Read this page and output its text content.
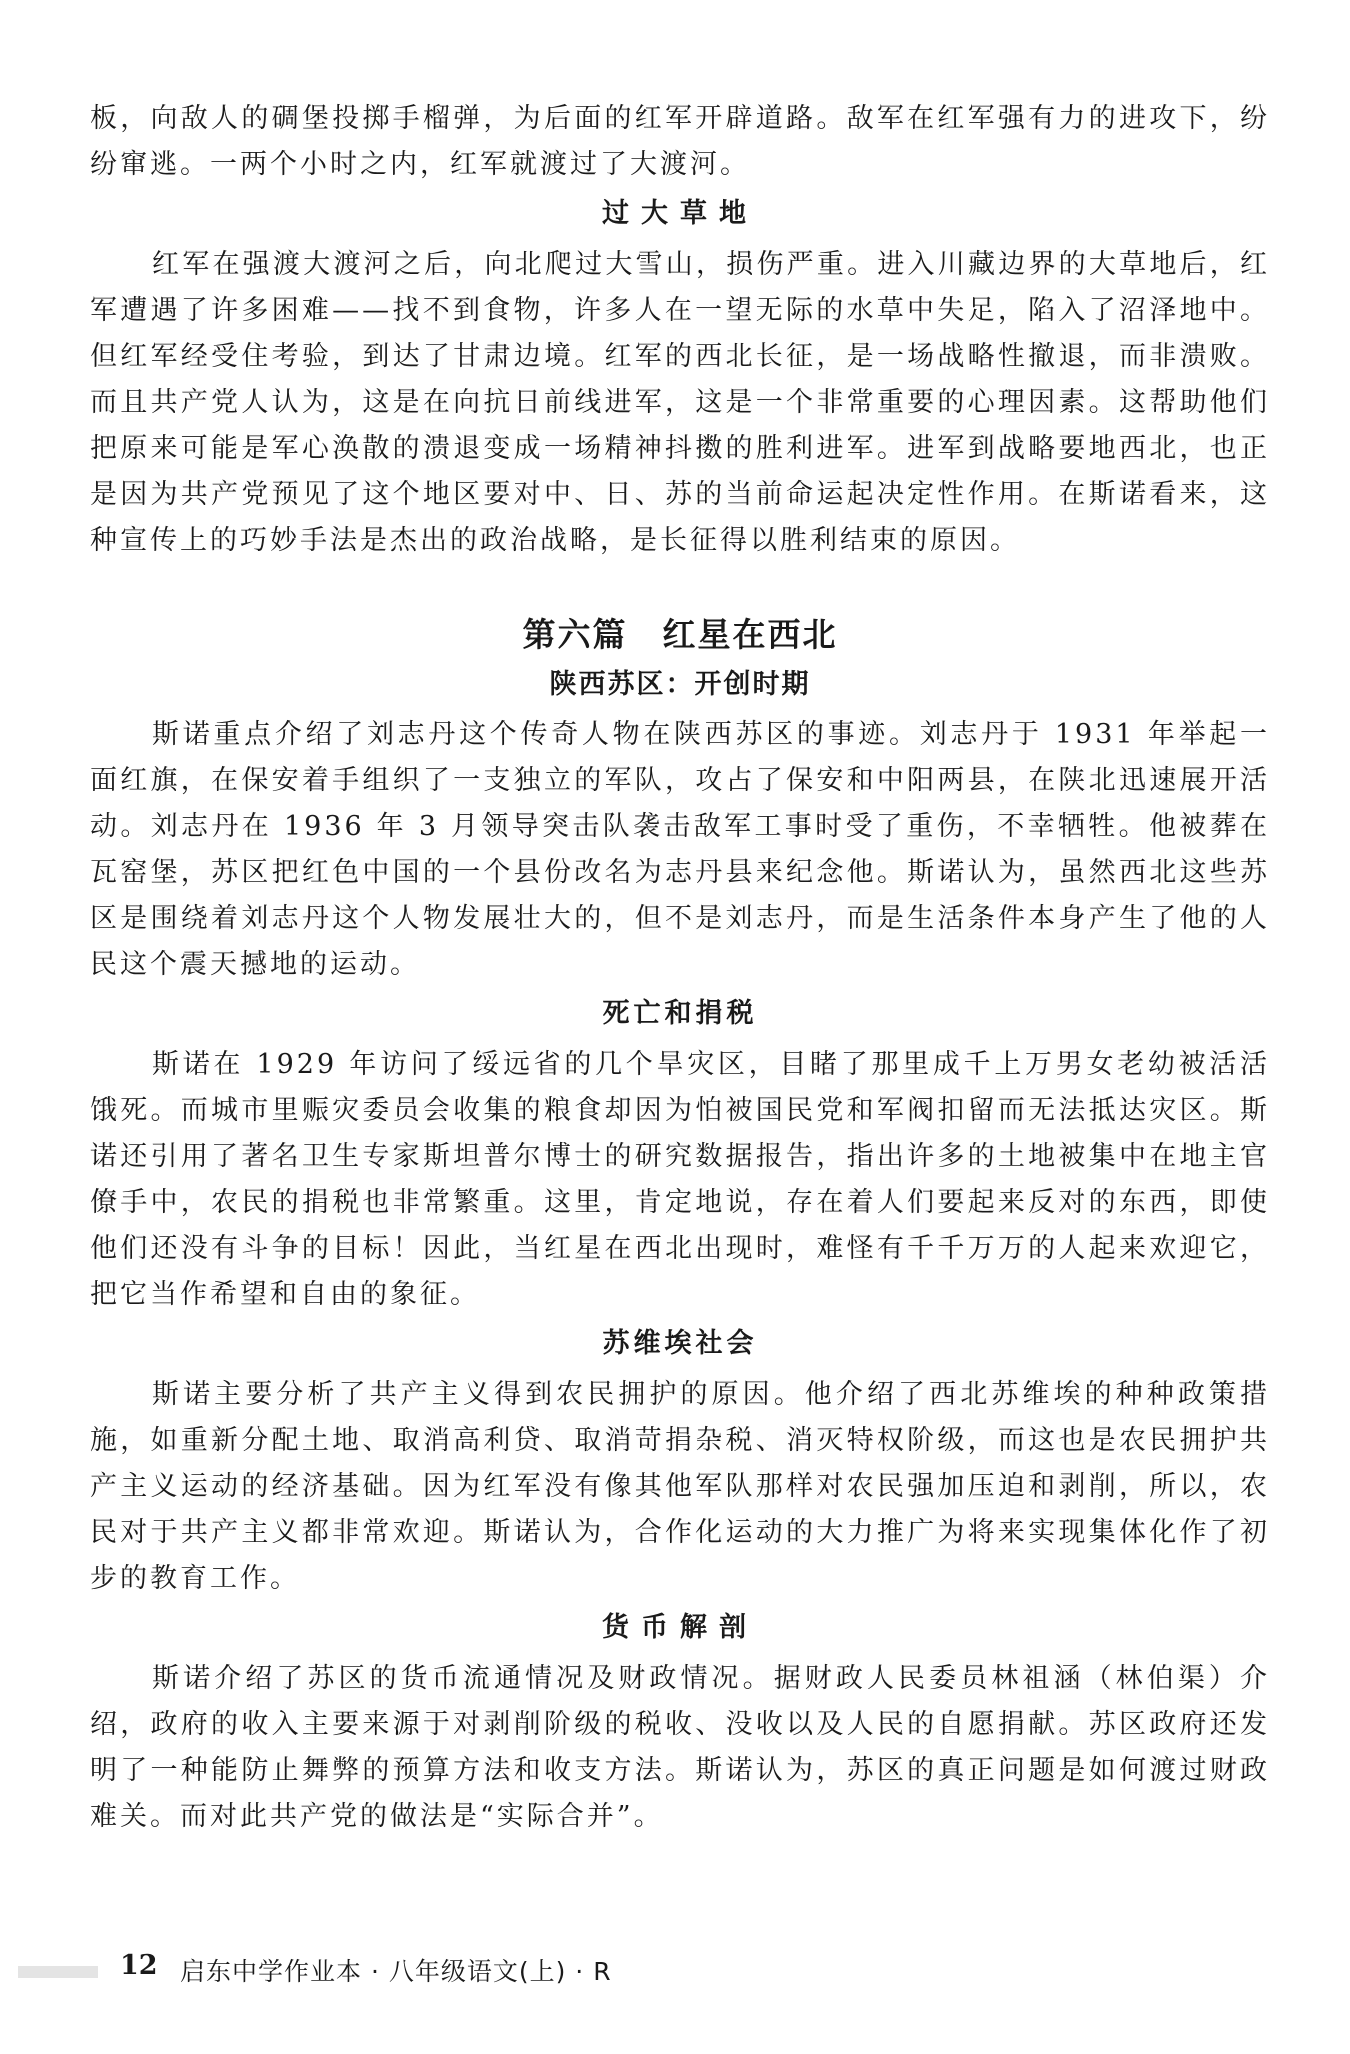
板，向敌人的碉堡投掷手榴弹，为后面的红军开辟道路。敌军在红军强有力的进攻下，纷纷窜逃。一两个小时之内，红军就渡过了大渡河。

过大草地

红军在强渡大渡河之后，向北爬过大雪山，损伤严重。进入川藏边界的大草地后，红军遭遇了许多困难——找不到食物，许多人在一望无际的水草中失足，陷入了沼泽地中。但红军经受住考验，到达了甘肃边境。红军的西北长征，是一场战略性撤退，而非溃败。而且共产党人认为，这是在向抗日前线进军，这是一个非常重要的心理因素。这帮助他们把原来可能是军心涣散的溃退变成一场精神抖擞的胜利进军。进军到战略要地西北，也正是因为共产党预见了这个地区要对中、日、苏的当前命运起决定性作用。在斯诺看来，这种宣传上的巧妙手法是杰出的政治战略，是长征得以胜利结束的原因。

第六篇　红星在西北
陕西苏区：开创时期

斯诺重点介绍了刘志丹这个传奇人物在陕西苏区的事迹。刘志丹于 1931 年举起一面红旗，在保安着手组织了一支独立的军队，攻占了保安和中阳两县，在陕北迅速展开活动。刘志丹在 1936 年 3 月领导突击队袭击敌军工事时受了重伤，不幸牺牲。他被葬在瓦窑堡，苏区把红色中国的一个县份改名为志丹县来纪念他。斯诺认为，虽然西北这些苏区是围绕着刘志丹这个人物发展壮大的，但不是刘志丹，而是生活条件本身产生了他的人民这个震天撼地的运动。

死亡和捐税

斯诺在 1929 年访问了绥远省的几个旱灾区，目睹了那里成千上万男女老幼被活活饿死。而城市里赈灾委员会收集的粮食却因为怕被国民党和军阀扣留而无法抵达灾区。斯诺还引用了著名卫生专家斯坦普尔博士的研究数据报告，指出许多的土地被集中在地主官僚手中，农民的捐税也非常繁重。这里，肯定地说，存在着人们要起来反对的东西，即使他们还没有斗争的目标！因此，当红星在西北出现时，难怪有千千万万的人起来欢迎它，把它当作希望和自由的象征。

苏维埃社会

斯诺主要分析了共产主义得到农民拥护的原因。他介绍了西北苏维埃的种种政策措施，如重新分配土地、取消高利贷、取消苛捐杂税、消灭特权阶级，而这也是农民拥护共产主义运动的经济基础。因为红军没有像其他军队那样对农民强加压迫和剥削，所以，农民对于共产主义都非常欢迎。斯诺认为，合作化运动的大力推广为将来实现集体化作了初步的教育工作。

货币解剖

斯诺介绍了苏区的货币流通情况及财政情况。据财政人民委员林祖涵（林伯渠）介绍，政府的收入主要来源于对剥削阶级的税收、没收以及人民的自愿捐献。苏区政府还发明了一种能防止舞弊的预算方法和收支方法。斯诺认为，苏区的真正问题是如何渡过财政难关。而对此共产党的做法是“实际合并”。

12 启东中学作业本 · 八年级语文(上) · R
